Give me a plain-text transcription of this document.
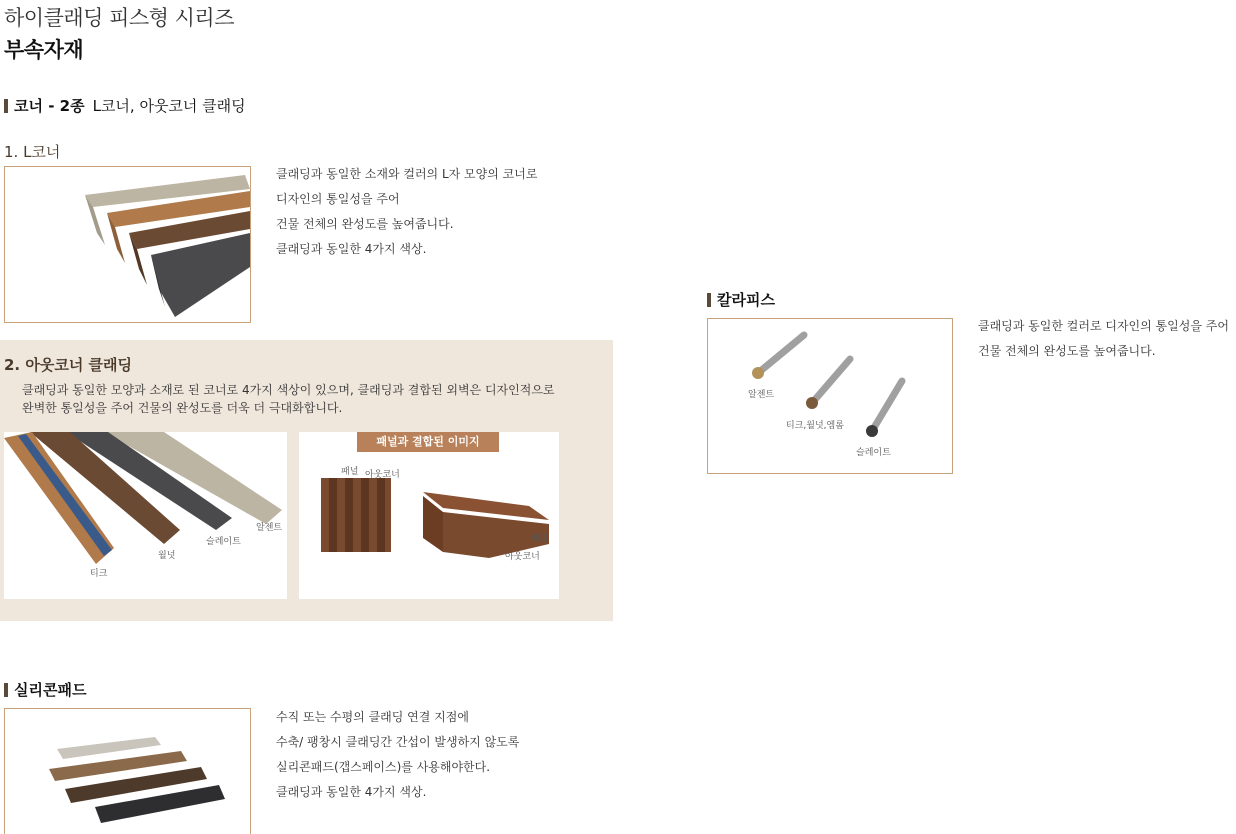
하이클래딩 피스형 시리즈
부속자재
코너 - 2종 L코너, 아웃코너 클래딩
1. L코너
클래딩과 동일한 소재와 컬러의 L자 모양의 코너로
디자인의 통일성을 주어
건물 전체의 완성도를 높여줍니다.
클래딩과 동일한 4가지 색상.
2. 아웃코너 클래딩
클래딩과 동일한 모양과 소재로 된 코너로 4가지 색상이 있으며, 클래딩과 결합된 외벽은 디자인적으로
완벽한 통일성을 주어 건물의 완성도를 더욱 더 극대화합니다.
티크
월넛
슬레이트
알젠트
패널과 결합된 이미지
패널 아웃코너
패널
아웃코너
칼라피스
알젠트
티크,월넛,엠롬
슬레이트
클래딩과 동일한 컬러로 디자인의 통일성을 주어
건물 전체의 완성도를 높여줍니다.
실리콘패드
수직 또는 수평의 클래딩 연결 지점에
수축/ 팽창시 클래딩간 간섭이 발생하지 않도록
실리콘패드(갭스페이스)를 사용해야한다.
클래딩과 동일한 4가지 색상.
